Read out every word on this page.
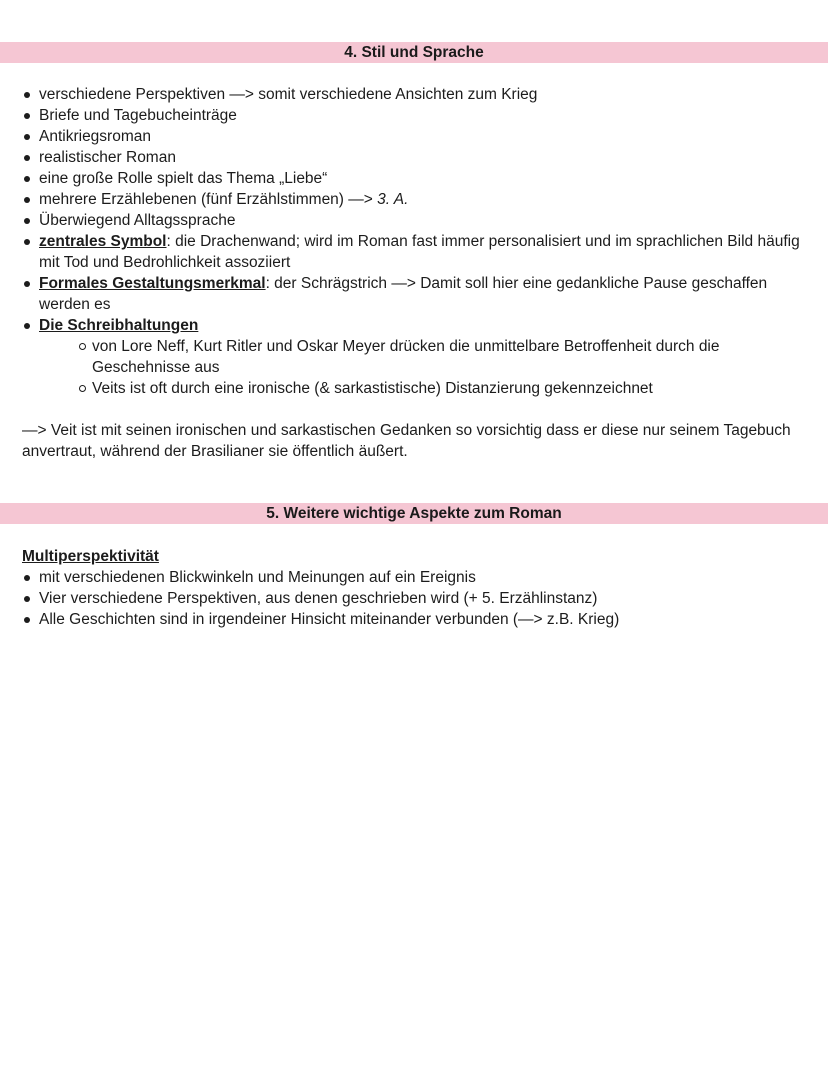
4. Stil und Sprache
verschiedene Perspektiven —> somit verschiedene Ansichten zum Krieg
Briefe und Tagebucheinträge
Antikriegsroman
realistischer Roman
eine große Rolle spielt das Thema „Liebe“
mehrere Erzählebenen (fünf Erzählstimmen) —> 3. A.
Überwiegend Alltagssprache
zentrales Symbol: die Drachenwand; wird im Roman fast immer personalisiert und im sprachlichen Bild häufig mit Tod und Bedrohlichkeit assoziiert
Formales Gestaltungsmerkmal: der Schrägstrich —> Damit soll hier eine gedankliche Pause geschaffen werden es
Die Schreibhaltungen
von Lore Neff, Kurt Ritler und Oskar Meyer drücken die unmittelbare Betroffenheit durch die Geschehnisse aus
Veits ist oft durch eine ironische (& sarkastistische) Distanzierung gekennzeichnet

—> Veit ist mit seinen ironischen und sarkastischen Gedanken so vorsichtig dass er diese nur seinem Tagebuch anvertraut, während der Brasilianer sie öffentlich äußert.

5. Weitere wichtige Aspekte zum Roman
Multiperspektivität
mit verschiedenen Blickwinkeln und Meinungen auf ein Ereignis
Vier verschiedene Perspektiven, aus denen geschrieben wird (+ 5. Erzählinstanz)
Alle Geschichten sind in irgendeiner Hinsicht miteinander verbunden (—> z.B. Krieg)
